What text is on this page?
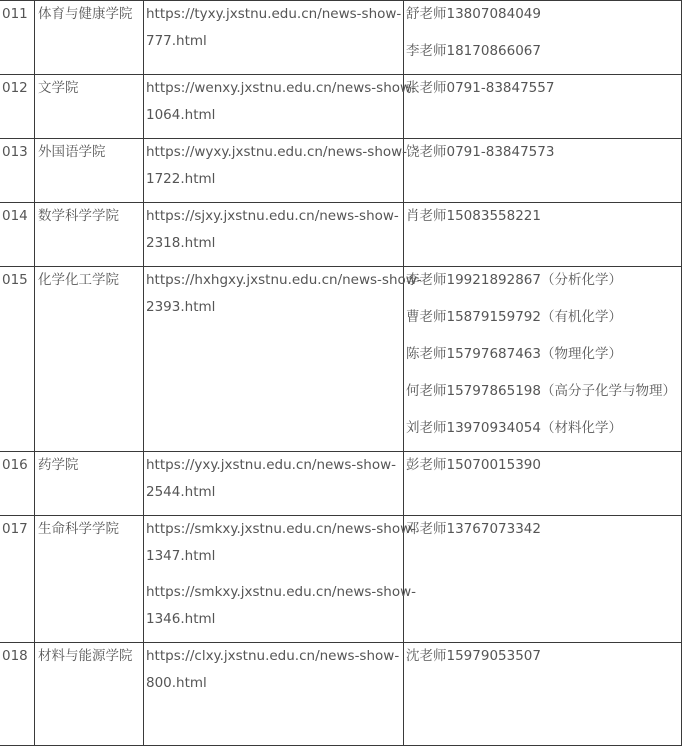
011	体育与健康学院	https://tyxy.jxstnu.edu.cn/news-show-
777.html	舒老师13807084049
李老师18170866067

012	文学院	https://wenxy.jxstnu.edu.cn/news-show-
1064.html	张老师0791-83847557

013	外国语学院	https://wyxy.jxstnu.edu.cn/news-show-
1722.html	饶老师0791-83847573

014	数学科学学院	https://sjxy.jxstnu.edu.cn/news-show-
2318.html	肖老师15083558221

015	化学化工学院	https://hxhgxy.jxstnu.edu.cn/news-show-
2393.html	李老师19921892867（分析化学）
曹老师15879159792（有机化学）
陈老师15797687463（物理化学）
何老师15797865198（高分子化学与物理）
刘老师13970934054（材料化学）

016	药学院	https://yxy.jxstnu.edu.cn/news-show-
2544.html	彭老师15070015390

017	生命科学学院	https://smkxy.jxstnu.edu.cn/news-show-
1347.html
https://smkxy.jxstnu.edu.cn/news-show-
1346.html	邓老师13767073342

018	材料与能源学院	https://clxy.jxstnu.edu.cn/news-show-
800.html	沈老师15979053507
